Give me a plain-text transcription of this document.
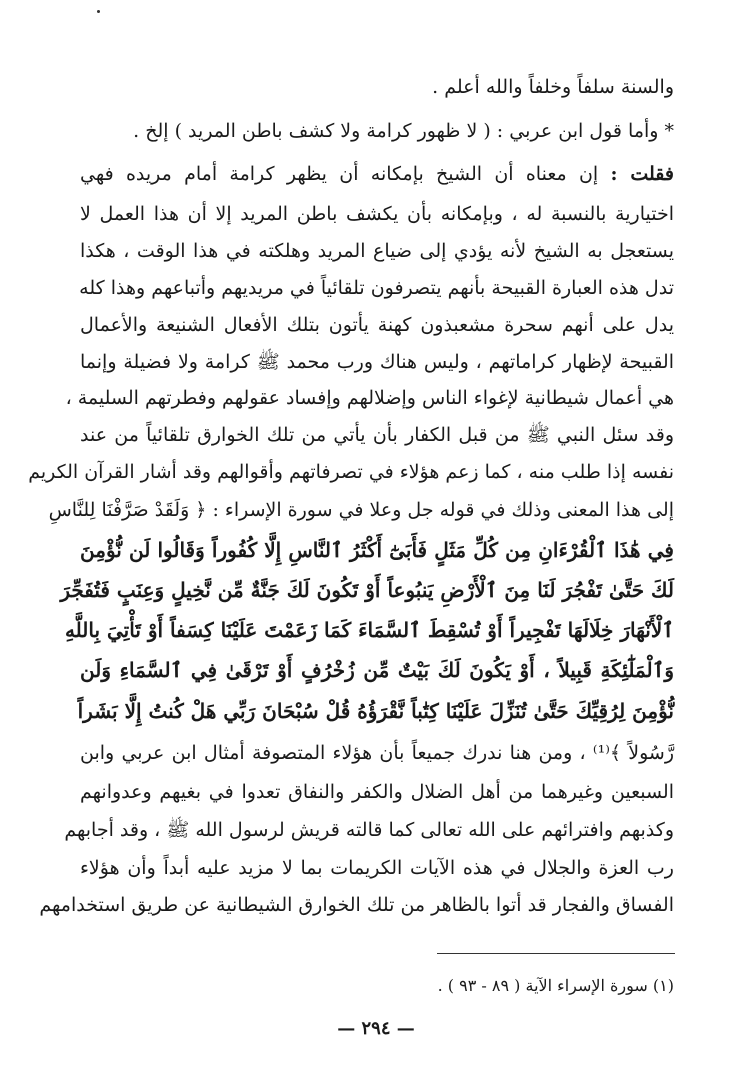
والسنة سلفاً وخلفاً والله أعلم .
* وأما قول ابن عربي : ( لا ظهور كرامة ولا كشف باطن المريد ) إلخ .
فقلت : إن معناه أن الشيخ بإمكانه أن يظهر كرامة أمام مريده فهي
اختيارية بالنسبة له ، وبإمكانه بأن يكشف باطن المريد إلا أن هذا العمل لا
يستعجل به الشيخ لأنه يؤدي إلى ضياع المريد وهلكته في هذا الوقت ، هكذا
تدل هذه العبارة القبيحة بأنهم يتصرفون تلقائياً في مريديهم وأتباعهم وهذا كله
يدل على أنهم سحرة مشعبذون كهنة يأتون بتلك الأفعال الشنيعة والأعمال
القبيحة لإظهار كراماتهم ، وليس هناك ورب محمد ﷺ كرامة ولا فضيلة وإنما
هي أعمال شيطانية لإغواء الناس وإضلالهم وإفساد عقولهم وفطرتهم السليمة ،
وقد سئل النبي ﷺ من قبل الكفار بأن يأتي من تلك الخوارق تلقائياً من عند
نفسه إذا طلب منه ، كما زعم هؤلاء في تصرفاتهم وأقوالهم وقد أشار القرآن الكريم
إلى هذا المعنى وذلك في قوله جل وعلا في سورة الإسراء : ﴿ وَلَقَدْ صَرَّفْنَا لِلنَّاسِ
فِي هَٰذَا ٱلْقُرْءَانِ مِن كُلِّ مَثَلٍ فَأَبَىٰٓ أَكْثَرُ ٱلنَّاسِ إِلَّا كُفُوراً وَقَالُوا لَن نُّؤْمِنَ
لَكَ حَتَّىٰ تَفْجُرَ لَنَا مِنَ ٱلْأَرْضِ يَنبُوعاً أَوْ تَكُونَ لَكَ جَنَّةٌ مِّن نَّخِيلٍ وَعِنَبٍ فَتُفَجِّرَ
ٱلْأَنْهَارَ خِلَالَهَا تَفْجِيراً أَوْ تُسْقِطَ ٱلسَّمَاءَ كَمَا زَعَمْتَ عَلَيْنَا كِسَفاً أَوْ تَأْتِيَ بِاللَّهِ
وَٱلْمَلَٰٓئِكَةِ قَبِيلاً ، أَوْ يَكُونَ لَكَ بَيْتٌ مِّن زُخْرُفٍ أَوْ تَرْقَىٰ فِي ٱلسَّمَاءِ وَلَن
نُّؤْمِنَ لِرُقِيِّكَ حَتَّىٰ تُنَزِّلَ عَلَيْنَا كِتَٰباً نَّقْرَؤُهُ قُلْ سُبْحَانَ رَبِّي هَلْ كُنتُ إِلَّا بَشَراً
رَّسُولاً ﴾⁽¹⁾ ، ومن هنا ندرك جميعاً بأن هؤلاء المتصوفة أمثال ابن عربي وابن
السبعين وغيرهما من أهل الضلال والكفر والنفاق تعدوا في بغيهم وعدوانهم
وكذبهم وافترائهم على الله تعالى كما قالته قريش لرسول الله ﷺ ، وقد أجابهم
رب العزة والجلال في هذه الآيات الكريمات بما لا مزيد عليه أبداً وأن هؤلاء
الفساق والفجار قد أتوا بالظاهر من تلك الخوارق الشيطانية عن طريق استخدامهم
(١) سورة الإسراء الآية ( ٨٩ - ٩٣ ) .
— ٢٩٤ —
